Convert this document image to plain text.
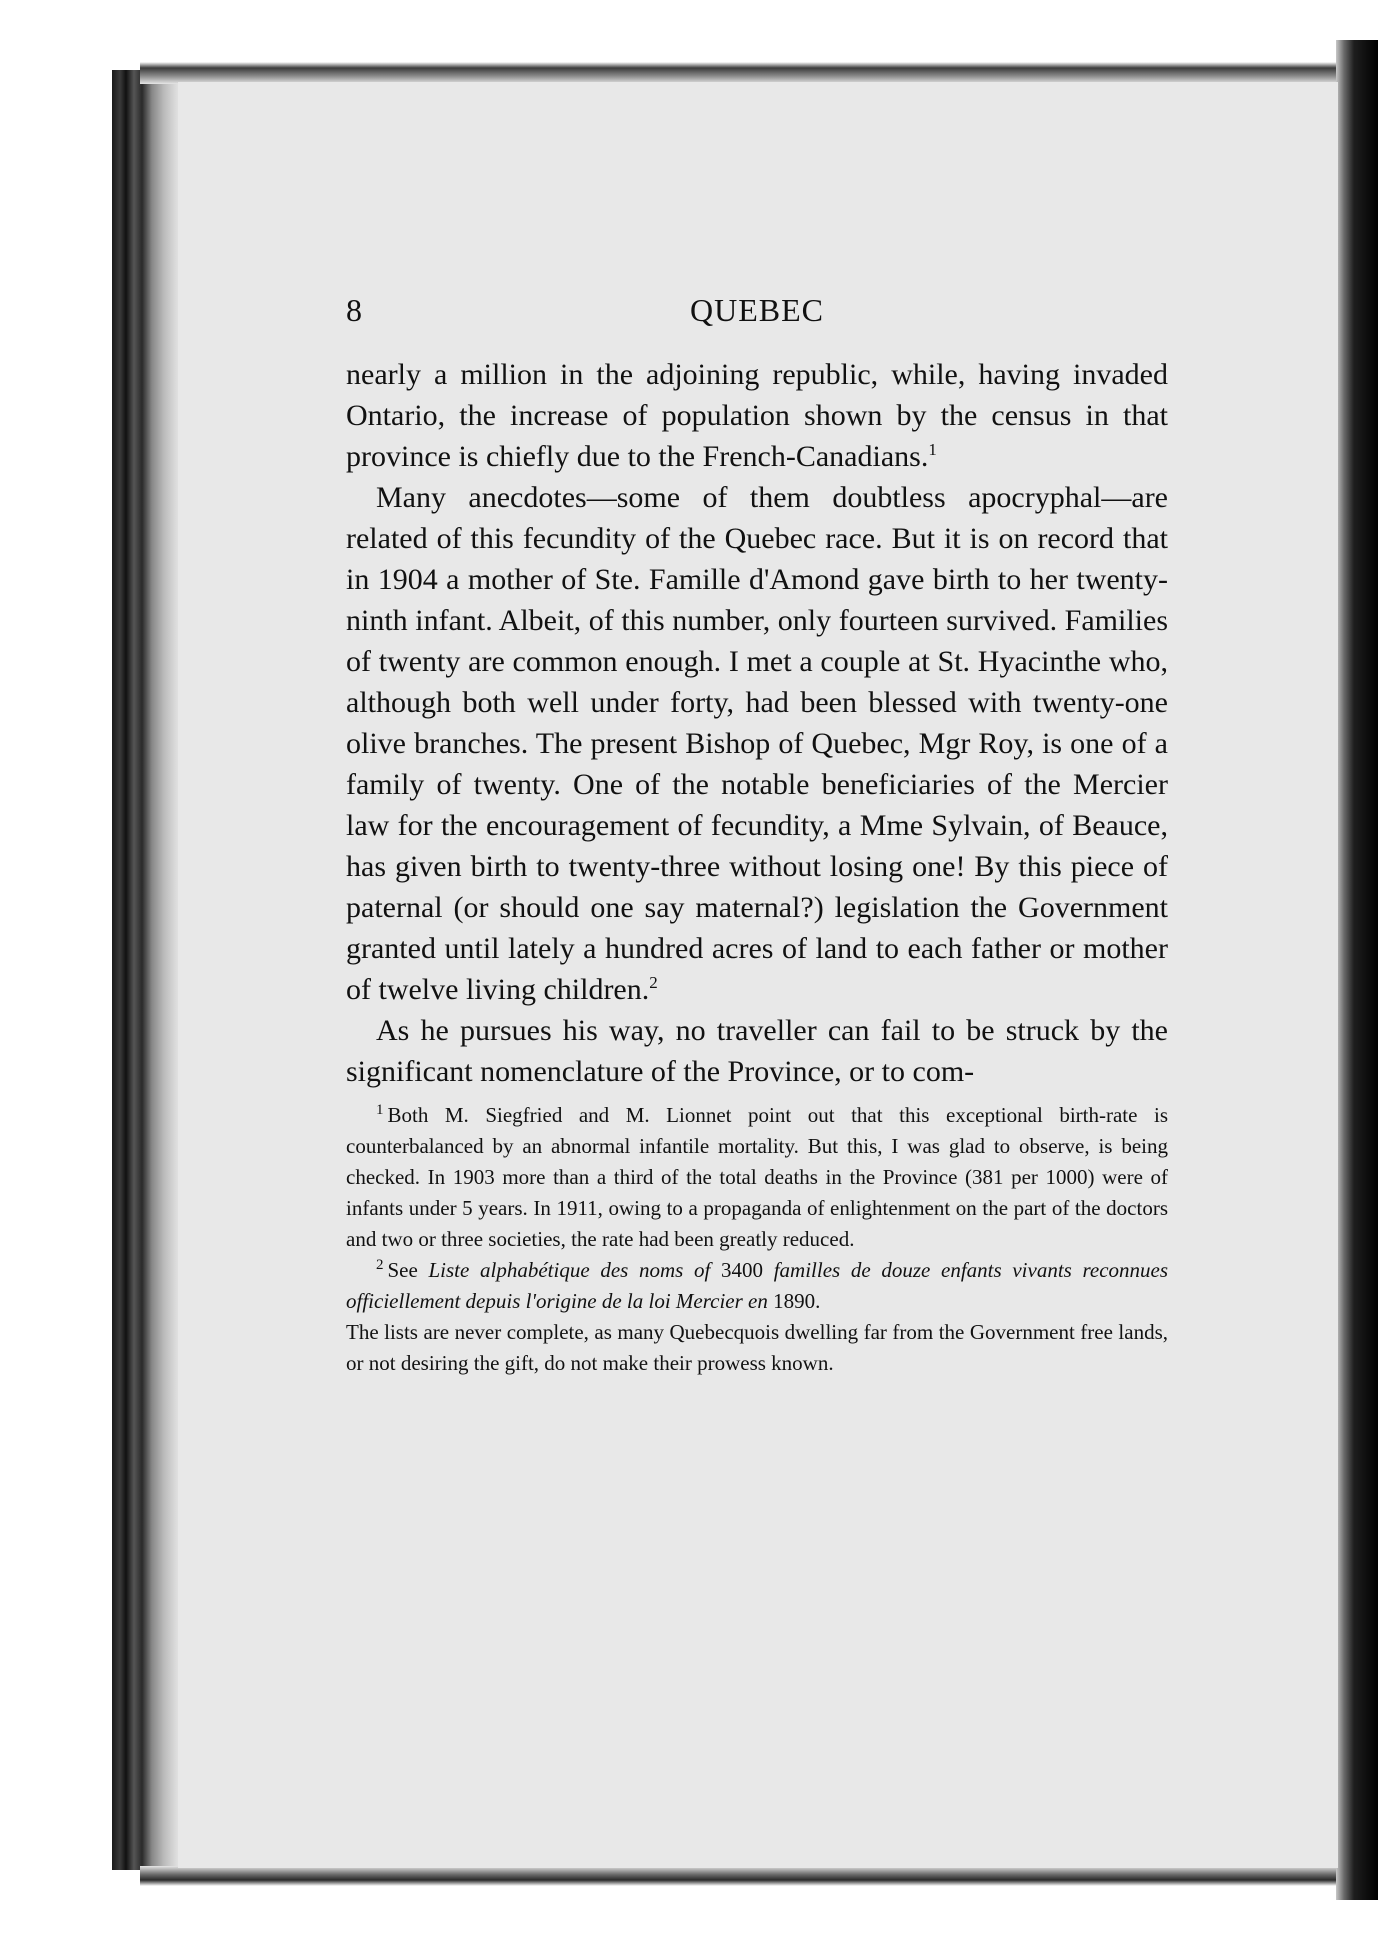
8	QUEBEC

nearly a million in the adjoining republic, while, having invaded Ontario, the increase of population shown by the census in that province is chiefly due to the French-Canadians.$^1$

Many anecdotes—some of them doubtless apocryphal—are related of this fecundity of the Quebec race. But it is on record that in 1904 a mother of Ste. Famille d'Amond gave birth to her twenty-ninth infant. Albeit, of this number, only fourteen survived. Families of twenty are common enough. I met a couple at St. Hyacinthe who, although both well under forty, had been blessed with twenty-one olive branches. The present Bishop of Quebec, Mgr Roy, is one of a family of twenty. One of the notable beneficiaries of the Mercier law for the encouragement of fecundity, a Mme Sylvain, of Beauce, has given birth to twenty-three without losing one! By this piece of paternal (or should one say maternal?) legislation the Government granted until lately a hundred acres of land to each father or mother of twelve living children.$^2$

As he pursues his way, no traveller can fail to be struck by the significant nomenclature of the Province, or to com-

$^1$ Both M. Siegfried and M. Lionnet point out that this exceptional birth-rate is counterbalanced by an abnormal infantile mortality. But this, I was glad to observe, is being checked. In 1903 more than a third of the total deaths in the Province (381 per 1000) were of infants under 5 years. In 1911, owing to a propaganda of enlightenment on the part of the doctors and two or three societies, the rate had been greatly reduced.

$^2$ See Liste alphabétique des noms of 3400 familles de douze enfants vivants reconnues officiellement depuis l'origine de la loi Mercier en 1890.

The lists are never complete, as many Quebecquois dwelling far from the Government free lands, or not desiring the gift, do not make their prowess known.
